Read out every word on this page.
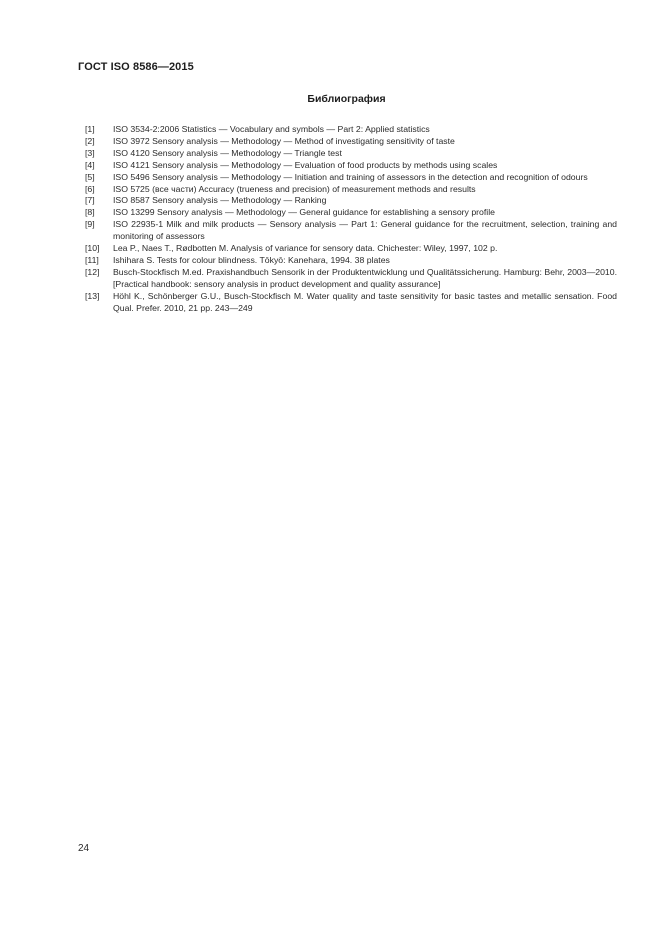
ГОСТ ISO 8586—2015
Библиография
[1]	ISO 3534-2:2006 Statistics — Vocabulary and symbols — Part 2: Applied statistics
[2]	ISO 3972 Sensory analysis — Methodology — Method of investigating sensitivity of taste
[3]	ISO 4120 Sensory analysis — Methodology — Triangle test
[4]	ISO 4121 Sensory analysis — Methodology — Evaluation of food products by methods using scales
[5]	ISO 5496 Sensory analysis — Methodology — Initiation and training of assessors in the detection and recognition of odours
[6]	ISO 5725 (все части) Accuracy (trueness and precision) of measurement methods and results
[7]	ISO 8587 Sensory analysis — Methodology — Ranking
[8]	ISO 13299 Sensory analysis — Methodology — General guidance for establishing a sensory profile
[9]	ISO 22935-1 Milk and milk products — Sensory analysis — Part 1: General guidance for the recruitment, selection, training and monitoring of assessors
[10]	Lea P., Naes T., Rødbotten M. Analysis of variance for sensory data. Chichester: Wiley, 1997, 102 p.
[11]	Ishihara S. Tests for colour blindness. Tōkyō: Kanehara, 1994. 38 plates
[12]	Busch-Stockfisch M.ed. Praxishandbuch Sensorik in der Produktentwicklung und Qualitätssicherung. Hamburg: Behr, 2003—2010. [Practical handbook: sensory analysis in product development and quality assurance]
[13]	Höhl K., Schönberger G.U., Busch-Stockfisch M. Water quality and taste sensitivity for basic tastes and metallic sensation. Food Qual. Prefer. 2010, 21 pp. 243—249
24
